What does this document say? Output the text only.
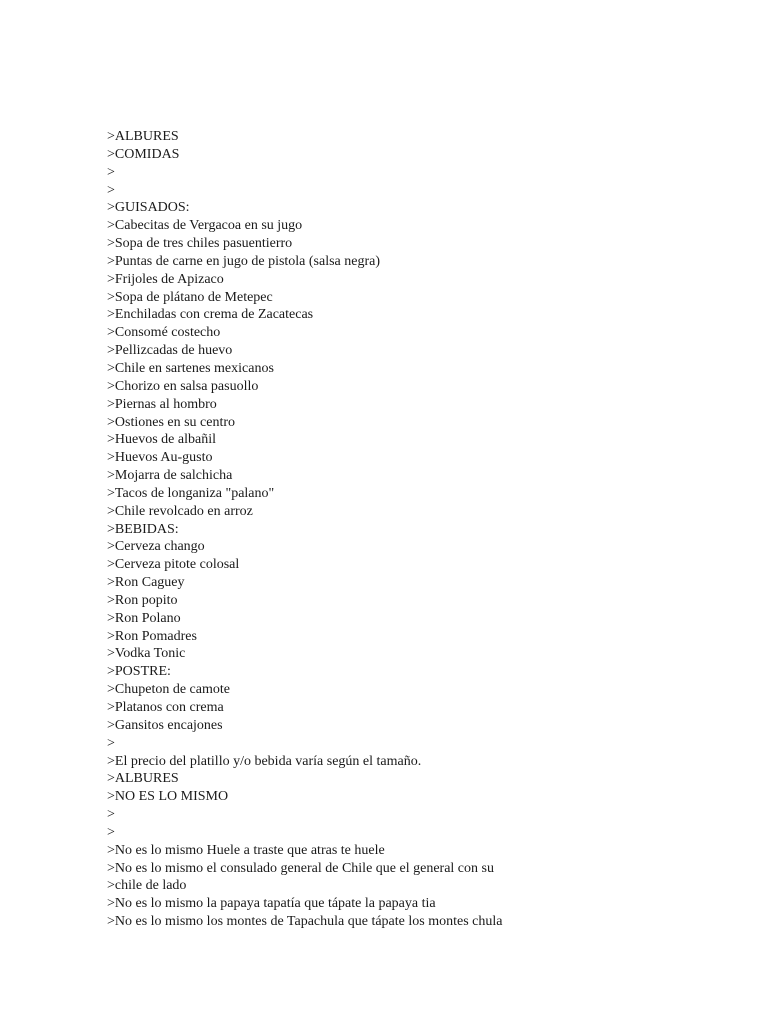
>ALBURES
>COMIDAS
>
>
>GUISADOS:
>Cabecitas de Vergacoa en su jugo
>Sopa de tres chiles pasuentierro
>Puntas de carne en jugo de pistola (salsa negra)
>Frijoles de Apizaco
>Sopa de plátano de Metepec
>Enchiladas con crema de Zacatecas
>Consomé costecho
>Pellizcadas de huevo
>Chile en sartenes mexicanos
>Chorizo en salsa pasuollo
>Piernas al hombro
>Ostiones en su centro
>Huevos de albañil
>Huevos Au-gusto
>Mojarra de salchicha
>Tacos de longaniza "palano"
>Chile revolcado en arroz
>BEBIDAS:
>Cerveza chango
>Cerveza pitote colosal
>Ron Caguey
>Ron popito
>Ron Polano
>Ron Pomadres
>Vodka Tonic
>POSTRE:
>Chupeton de camote
>Platanos con crema
>Gansitos encajones
>
>El precio del platillo y/o bebida varía según el tamaño.
>ALBURES
>NO ES LO MISMO
>
>
>No es lo mismo Huele a traste que atras te huele
>No es lo mismo el consulado general de Chile que el general con su
>chile de lado
>No es lo mismo la papaya tapatía que tápate la papaya tia
>No es lo mismo los montes de Tapachula que tápate los montes chula
